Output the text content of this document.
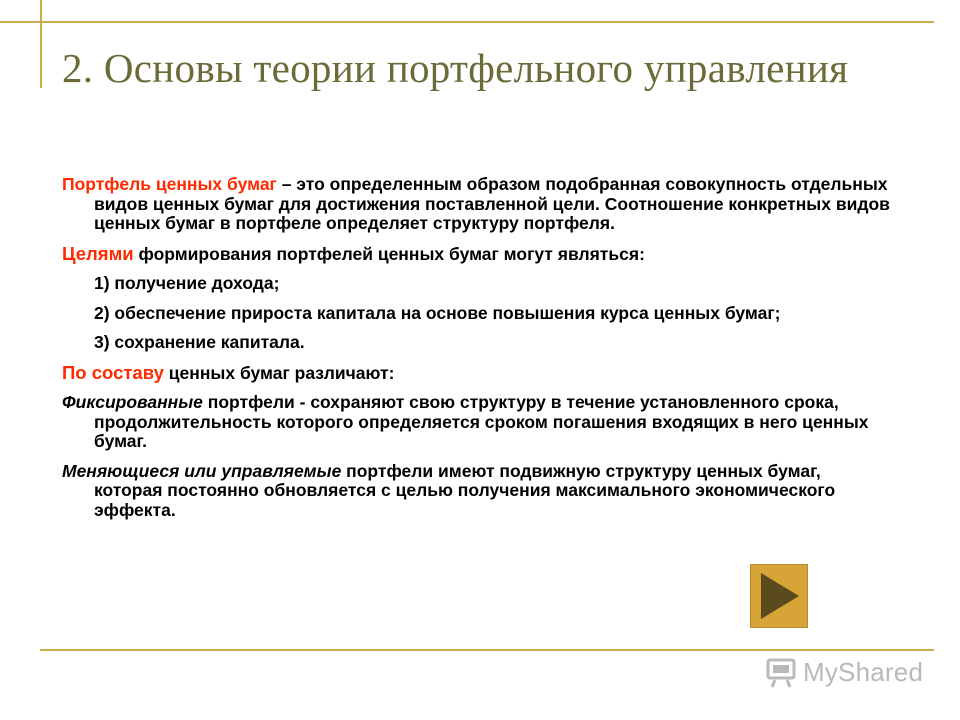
2. Основы теории портфельного управления

Портфель ценных бумаг – это определенным образом подобранная совокупность отдельных видов ценных бумаг для достижения поставленной цели. Соотношение конкретных видов ценных бумаг в портфеле определяет структуру портфеля.

Целями формирования портфелей ценных бумаг могут являться:

1) получение дохода;
2) обеспечение прироста капитала на основе повышения курса ценных бумаг;
3) сохранение капитала.

По составу ценных бумаг различают:

Фиксированные портфели - сохраняют свою структуру в течение установленного срока, продолжительность которого определяется сроком погашения входящих в него ценных бумаг.

Меняющиеся или управляемые портфели имеют подвижную структуру ценных бумаг, которая постоянно обновляется с целью получения максимального экономического эффекта.

MyShared
